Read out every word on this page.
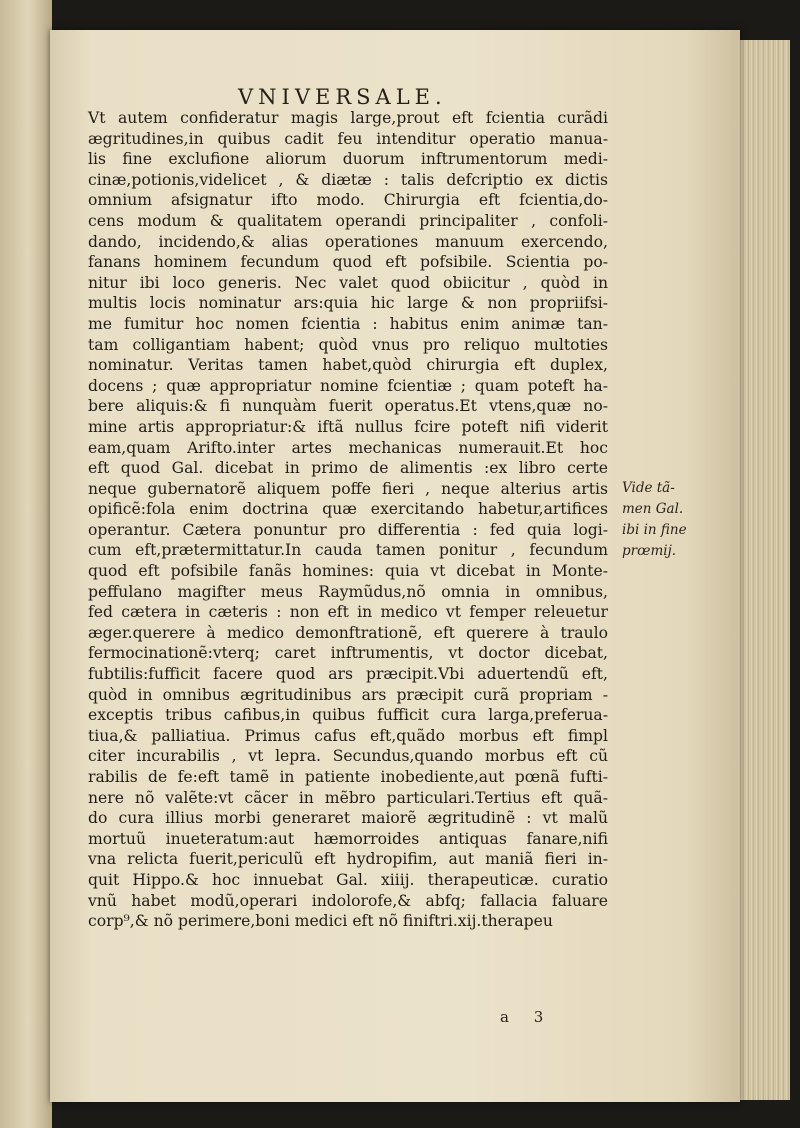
VNIVERSALE.
Vt autem confideratur magis large,prout eft fcientia curãdi
ægritudines,in quibus cadit feu intenditur operatio manua-
lis fine exclufione aliorum duorum inftrumentorum medi-
cinæ,potionis,videlicet , & diætæ : talis defcriptio ex dictis
omnium afsignatur ifto modo. Chirurgia eft fcientia,do-
cens modum & qualitatem operandi principaliter , confoli-
dando, incidendo,& alias operationes manuum exercendo,
fanans hominem fecundum quod eft pofsibile. Scientia po-
nitur ibi loco generis. Nec valet quod obiicitur , quòd in
multis locis nominatur ars:quia hic large & non propriifsi-
me fumitur hoc nomen fcientia : habitus enim animæ tan-
tam colligantiam habent; quòd vnus pro reliquo multoties
nominatur. Veritas tamen habet,quòd chirurgia eft duplex,
docens ; quæ appropriatur nomine fcientiæ ; quam poteft ha-
bere aliquis:& fi nunquàm fuerit operatus.Et vtens,quæ no-
mine artis appropriatur:& iftã nullus fcire poteft nifi viderit
eam,quam Arifto.inter artes mechanicas numerauit.Et hoc
eft quod Gal. dicebat in primo de alimentis :ex libro certe
neque gubernatorẽ aliquem poffe fieri , neque alterius artis
opificẽ:fola enim doctrina quæ exercitando habetur,artifices
operantur. Cætera ponuntur pro differentia : fed quia logi-
cum eft,prætermittatur.In cauda tamen ponitur , fecundum
quod eft pofsibile fanãs homines: quia vt dicebat in Monte-
peffulano magifter meus Raymũdus,nõ omnia in omnibus,
fed cætera in cæteris : non eft in medico vt femper releuetur
æger.querere à medico demonftrationẽ, eft querere à traulo
fermocinationẽ:vterq; caret inftrumentis, vt doctor dicebat,
fubtilis:fufficit facere quod ars præcipit.Vbi aduertendũ eft,
quòd in omnibus ægritudinibus ars præcipit curã propriam -
exceptis tribus cafibus,in quibus fufficit cura larga,preferua-
tiua,& palliatiua. Primus cafus eft,quãdo morbus eft fimpl
citer incurabilis , vt lepra. Secundus,quando morbus eft cũ
rabilis de fe:eft tamẽ in patiente inobediente,aut pœnã fufti-
nere nõ valẽte:vt cãcer in mẽbro particulari.Tertius eft quã-
do cura illius morbi generaret maiorẽ ægritudinẽ : vt malũ
mortuũ inueteratum:aut hæmorroides antiquas fanare,nifi
vna relicta fuerit,periculũ eft hydropifim, aut maniã fieri in-
quit Hippo.& hoc innuebat Gal. xiiij. therapeuticæ. curatio
vnũ habet modũ,operari indolorofe,& abfq; fallacia faluare
corp⁹,& nõ perimere,boni medici eft nõ finiftri.xij.therapeu
Vide tã-
men Gal.
ibi in fine
prœmij.
a 3
